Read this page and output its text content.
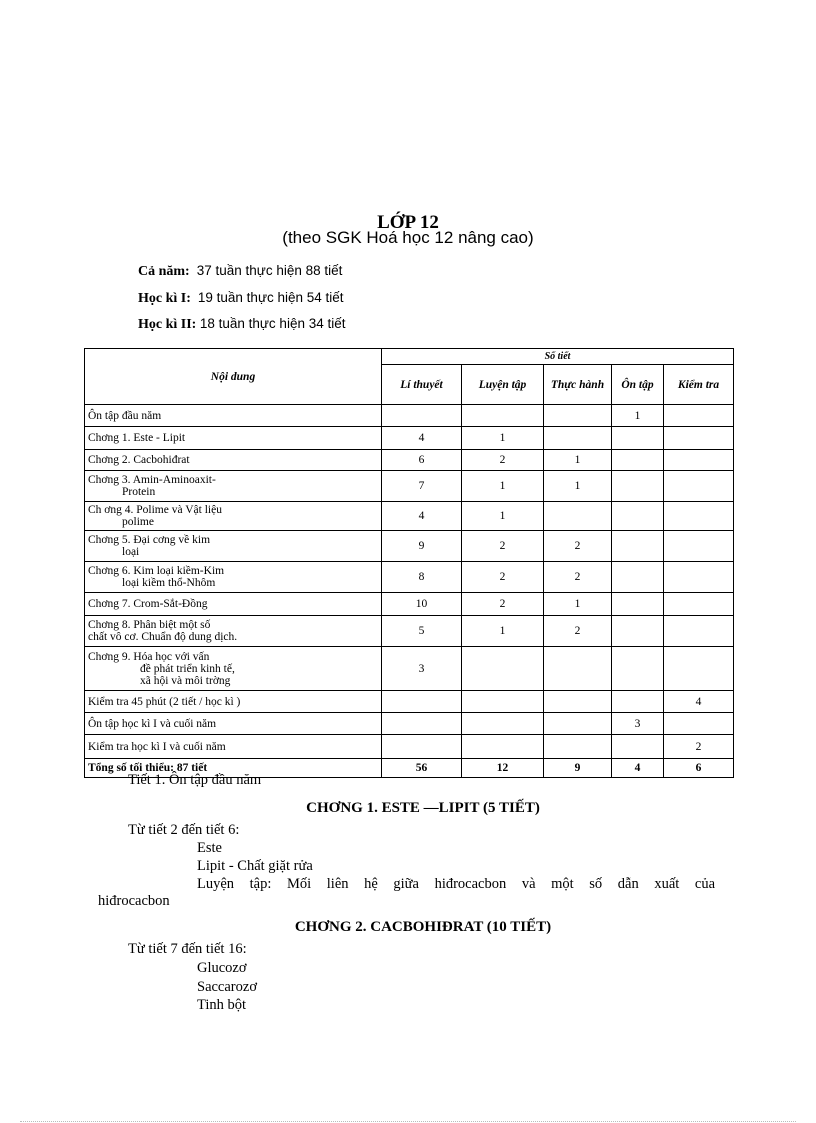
LỚP 12
(theo SGK Hoá học 12 nâng cao)
Cả năm: 37 tuần thực hiện 88 tiết
Học kì I: 19 tuần thực hiện 54 tiết
Học kì II: 18 tuần thực hiện 34 tiết
Nội dung	Số tiết				
	Lí thuyết	Luyện tập	Thực hành	Ôn tập	Kiểm tra

Ôn tập đầu năm				1	

Chơng 1. Este - Lipit	4	1			

Chơng 2. Cacbohiđrat	6	2	1		

Chơng 3. Amin-Aminoaxit-
Protein	7	1	1		

Ch ơng 4. Polime và Vật liệu
polime	4	1			

Chơng 5. Đại cơng về kim
loại	9	2	2		

Chơng 6. Kim loại kiềm-Kim
loại kiềm thổ-Nhôm	8	2	2		

Chơng 7. Crom-Sắt-Đồng	10	2	1		

Chơng 8. Phân biệt một số
chất vô cơ. Chuẩn độ dung dịch.	5	1	2		

Chơng 9. Hóa học với vấn
đề phát triển kinh tế,
xã hội và môi trờng	3				

Kiểm tra 45 phút (2 tiết / học kì )					4

Ôn tập học kì I và cuối năm				3	

Kiểm tra học kì I và cuối năm					2
Tổng số tối thiểu: 87 tiết	56	12	9	4	6
Tiết 1. Ôn tập đầu năm
CHƠNG 1. ESTE —LIPIT (5 TIẾT)
Từ tiết 2 đến tiết 6:
Este
Lipit - Chất giặt rửa
Luyện tập: Mối liên hệ giữa hiđrocacbon và một số dẫn xuất của
hiđrocacbon
CHƠNG 2. CACBOHIĐRAT (10 TIẾT)
Từ tiết 7 đến tiết 16:
Glucozơ
Saccarozơ
Tinh bột
